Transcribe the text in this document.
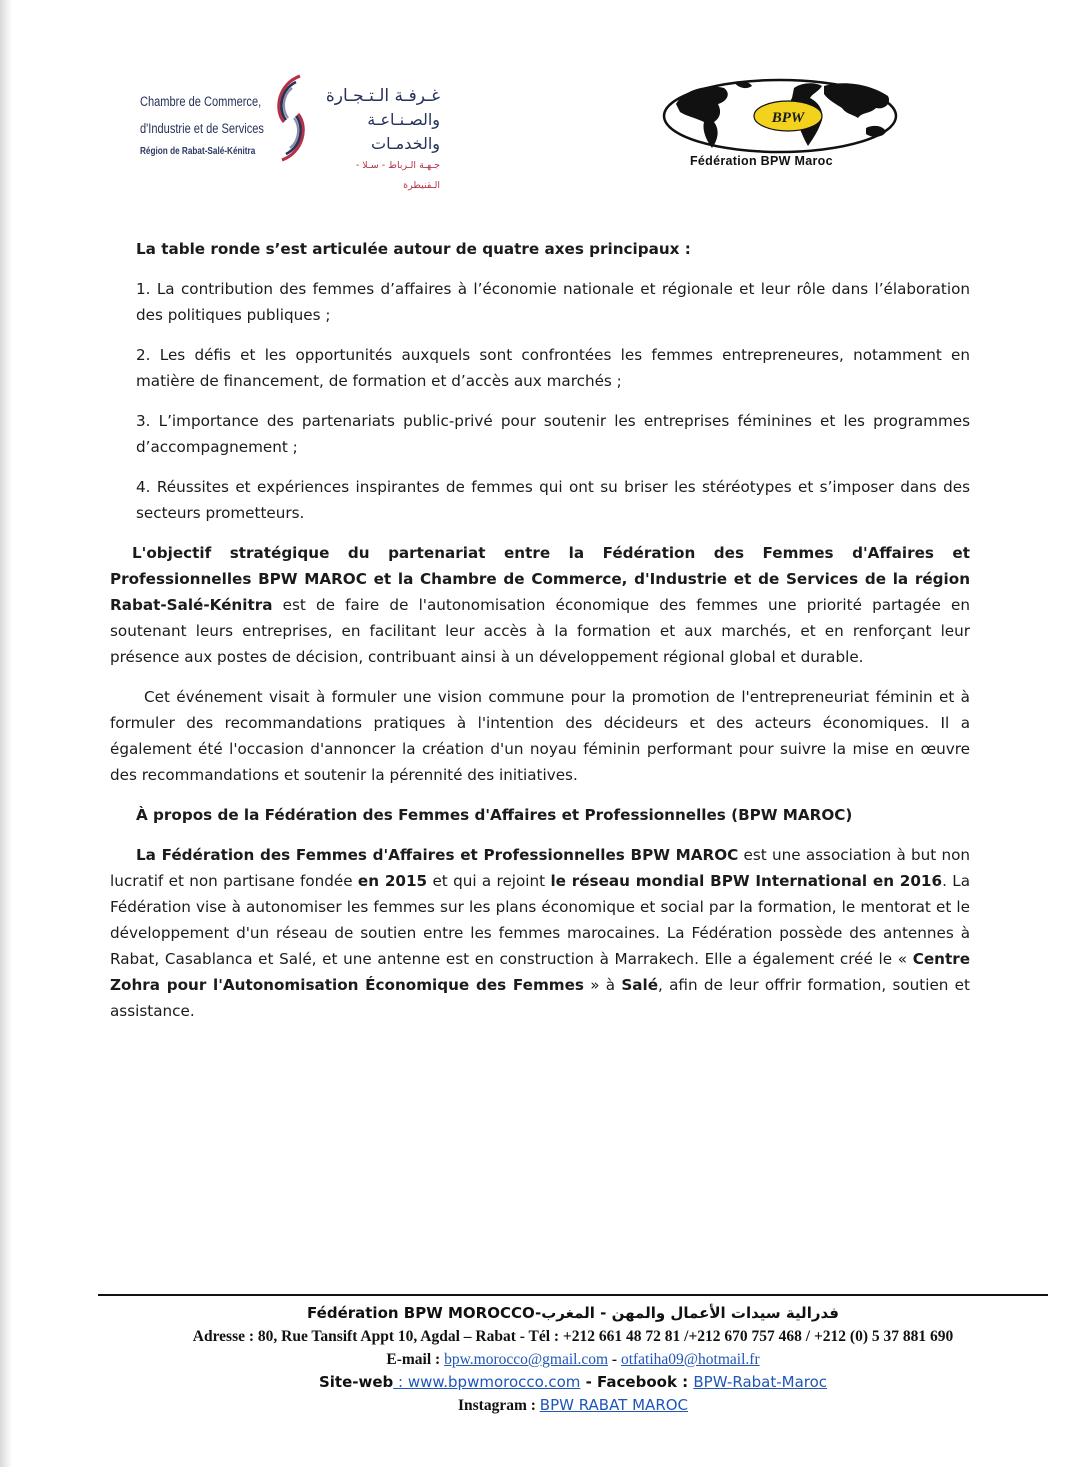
Chambre de Commerce,
d'Industrie et de Services
Région de Rabat-Salé-Kénitra
غـرفـة الـتـجـارة
والصـنـاعـة والخدمـات
جـهـة الـرباط - سـلا - الـقنيطرة
BPW
Fédération BPW Maroc

La table ronde s’est articulée autour de quatre axes principaux :

1. La contribution des femmes d’affaires à l’économie nationale et régionale et leur rôle dans l’élaboration des politiques publiques ;

2. Les défis et les opportunités auxquels sont confrontées les femmes entrepreneures, notamment en matière de financement, de formation et d’accès aux marchés ;

3. L’importance des partenariats public-privé pour soutenir les entreprises féminines et les programmes d’accompagnement ;

4. Réussites et expériences inspirantes de femmes qui ont su briser les stéréotypes et s’imposer dans des secteurs prometteurs.

L'objectif stratégique du partenariat entre la Fédération des Femmes d'Affaires et Professionnelles BPW MAROC et la Chambre de Commerce, d'Industrie et de Services de la région Rabat-Salé-Kénitra est de faire de l'autonomisation économique des femmes une priorité partagée en soutenant leurs entreprises, en facilitant leur accès à la formation et aux marchés, et en renforçant leur présence aux postes de décision, contribuant ainsi à un développement régional global et durable.

Cet événement visait à formuler une vision commune pour la promotion de l'entrepreneuriat féminin et à formuler des recommandations pratiques à l'intention des décideurs et des acteurs économiques. Il a également été l'occasion d'annoncer la création d'un noyau féminin performant pour suivre la mise en œuvre des recommandations et soutenir la pérennité des initiatives.

À propos de la Fédération des Femmes d'Affaires et Professionnelles (BPW MAROC)

La Fédération des Femmes d'Affaires et Professionnelles BPW MAROC est une association à but non lucratif et non partisane fondée en 2015 et qui a rejoint le réseau mondial BPW International en 2016. La Fédération vise à autonomiser les femmes sur les plans économique et social par la formation, le mentorat et le développement d'un réseau de soutien entre les femmes marocaines. La Fédération possède des antennes à Rabat, Casablanca et Salé, et une antenne est en construction à Marrakech. Elle a également créé le « Centre Zohra pour l'Autonomisation Économique des Femmes » à Salé, afin de leur offrir formation, soutien et assistance.

Fédération BPW MOROCCO-فدرالية سيدات الأعمال والمهن - المغرب
Adresse : 80, Rue Tansift Appt 10, Agdal – Rabat - Tél : +212 661 48 72 81 /+212 670 757 468 / +212 (0) 5 37 881 690
E-mail : bpw.morocco@gmail.com - otfatiha09@hotmail.fr
Site-web : www.bpwmorocco.com - Facebook : BPW-Rabat-Maroc
Instagram : BPW RABAT MAROC
